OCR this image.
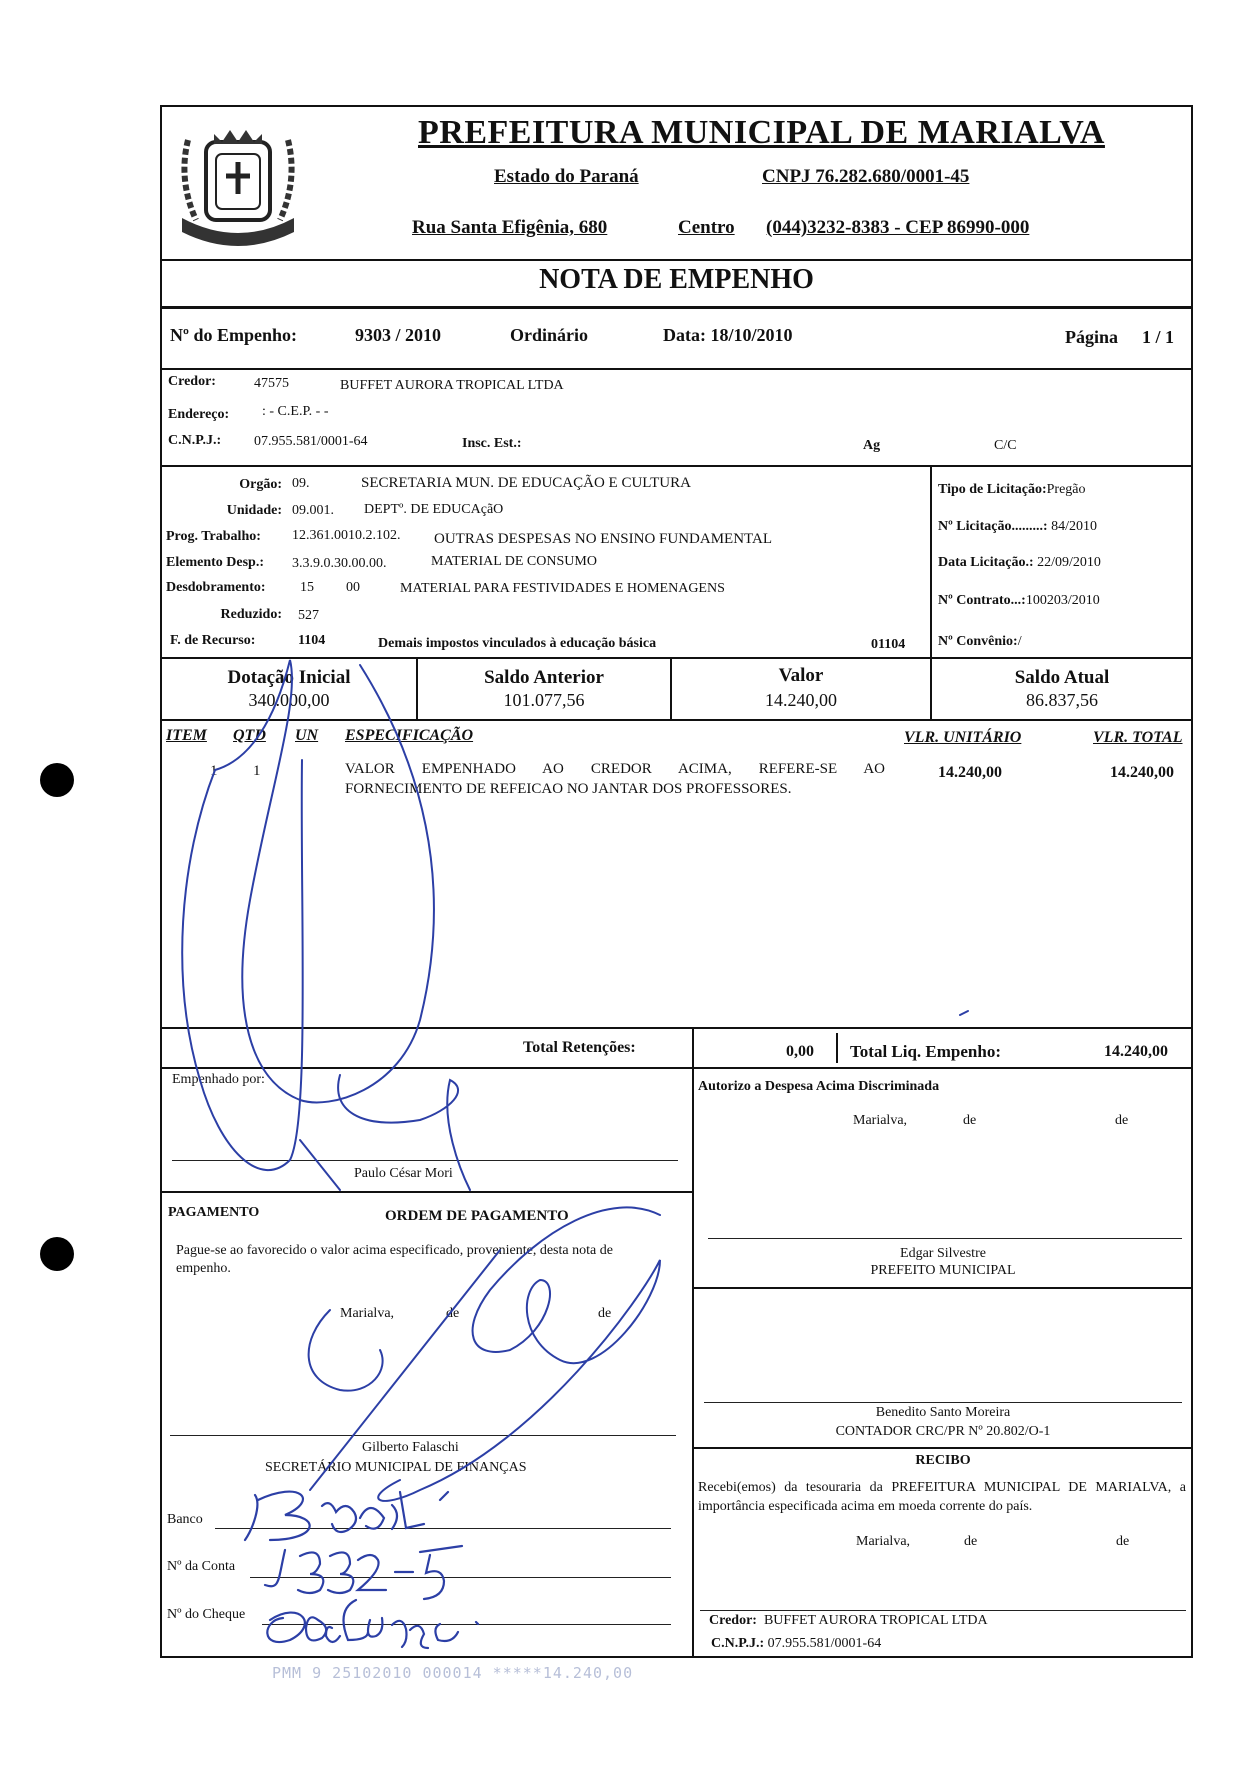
PREFEITURA MUNICIPAL DE MARIALVA
Estado do Paraná	CNPJ 76.282.680/0001-45
Rua Santa Efigênia, 680	Centro (044)3232-8383 - CEP 86990-000
NOTA DE EMPENHO
Nº do Empenho:	9303 / 2010	Ordinário	Data: 18/10/2010	Página 1 / 1
Credor:	47575	BUFFET AURORA TROPICAL LTDA
Endereço: : - C.E.P. - -
C.N.P.J.: 07.955.581/0001-64	Insc. Est.:	Ag	C/C
Orgão: 09.	SECRETARIA MUN. DE EDUCAÇÃO E CULTURA
Unidade: 09.001. DEPTº. DE EDUCAçãO
Prog. Trabalho: 12.361.0010.2.102. OUTRAS DESPESAS NO ENSINO FUNDAMENTAL
Elemento Desp.: 3.3.9.0.30.00.00.	MATERIAL DE CONSUMO
Desdobramento: 15 00	MATERIAL PARA FESTIVIDADES E HOMENAGENS
Reduzido: 527
F. de Recurso:	1104	Demais impostos vinculados à educação básica	01104
Tipo de Licitação:Pregão
Nº Licitação.........: 84/2010
Data Licitação.: 22/09/2010
Nº Contrato...:100203/2010
Nº Convênio:/
Dotação Inicial
340.000,00
Saldo Anterior
101.077,56
Valor
14.240,00
Saldo Atual
86.837,56
ITEM QTD UN ESPECIFICAÇÃO	VLR. UNITÁRIO	VLR. TOTAL
1 1	VALOR EMPENHADO AO CREDOR ACIMA, REFERE-SE AO
FORNECIMENTO DE REFEICAO NO JANTAR DOS PROFESSORES.
14.240,00	14.240,00
Total Retenções:	0,00 Total Liq. Empenho:	14.240,00
Empenhado por:
Paulo César Mori
PAGAMENTO	ORDEM DE PAGAMENTO
Pague-se ao favorecido o valor acima especificado, proveniente, desta nota de empenho.
Marialva,	de	de
Gilberto Falaschi
SECRETÁRIO MUNICIPAL DE FINANÇAS
Banco
Nº da Conta
Nº do Cheque
Autorizo a Despesa Acima Discriminada
Marialva,	de	de
Edgar Silvestre
PREFEITO MUNICIPAL
Benedito Santo Moreira
CONTADOR CRC/PR Nº 20.802/O-1
RECIBO
Recebi(emos) da tesouraria da PREFEITURA MUNICIPAL DE MARIALVA, a importância especificada acima em moeda corrente do país.
Marialva,	de	de
Credor: BUFFET AURORA TROPICAL LTDA
C.N.P.J.: 07.955.581/0001-64
PMM 9 25102010 000014 *****14.240,00
